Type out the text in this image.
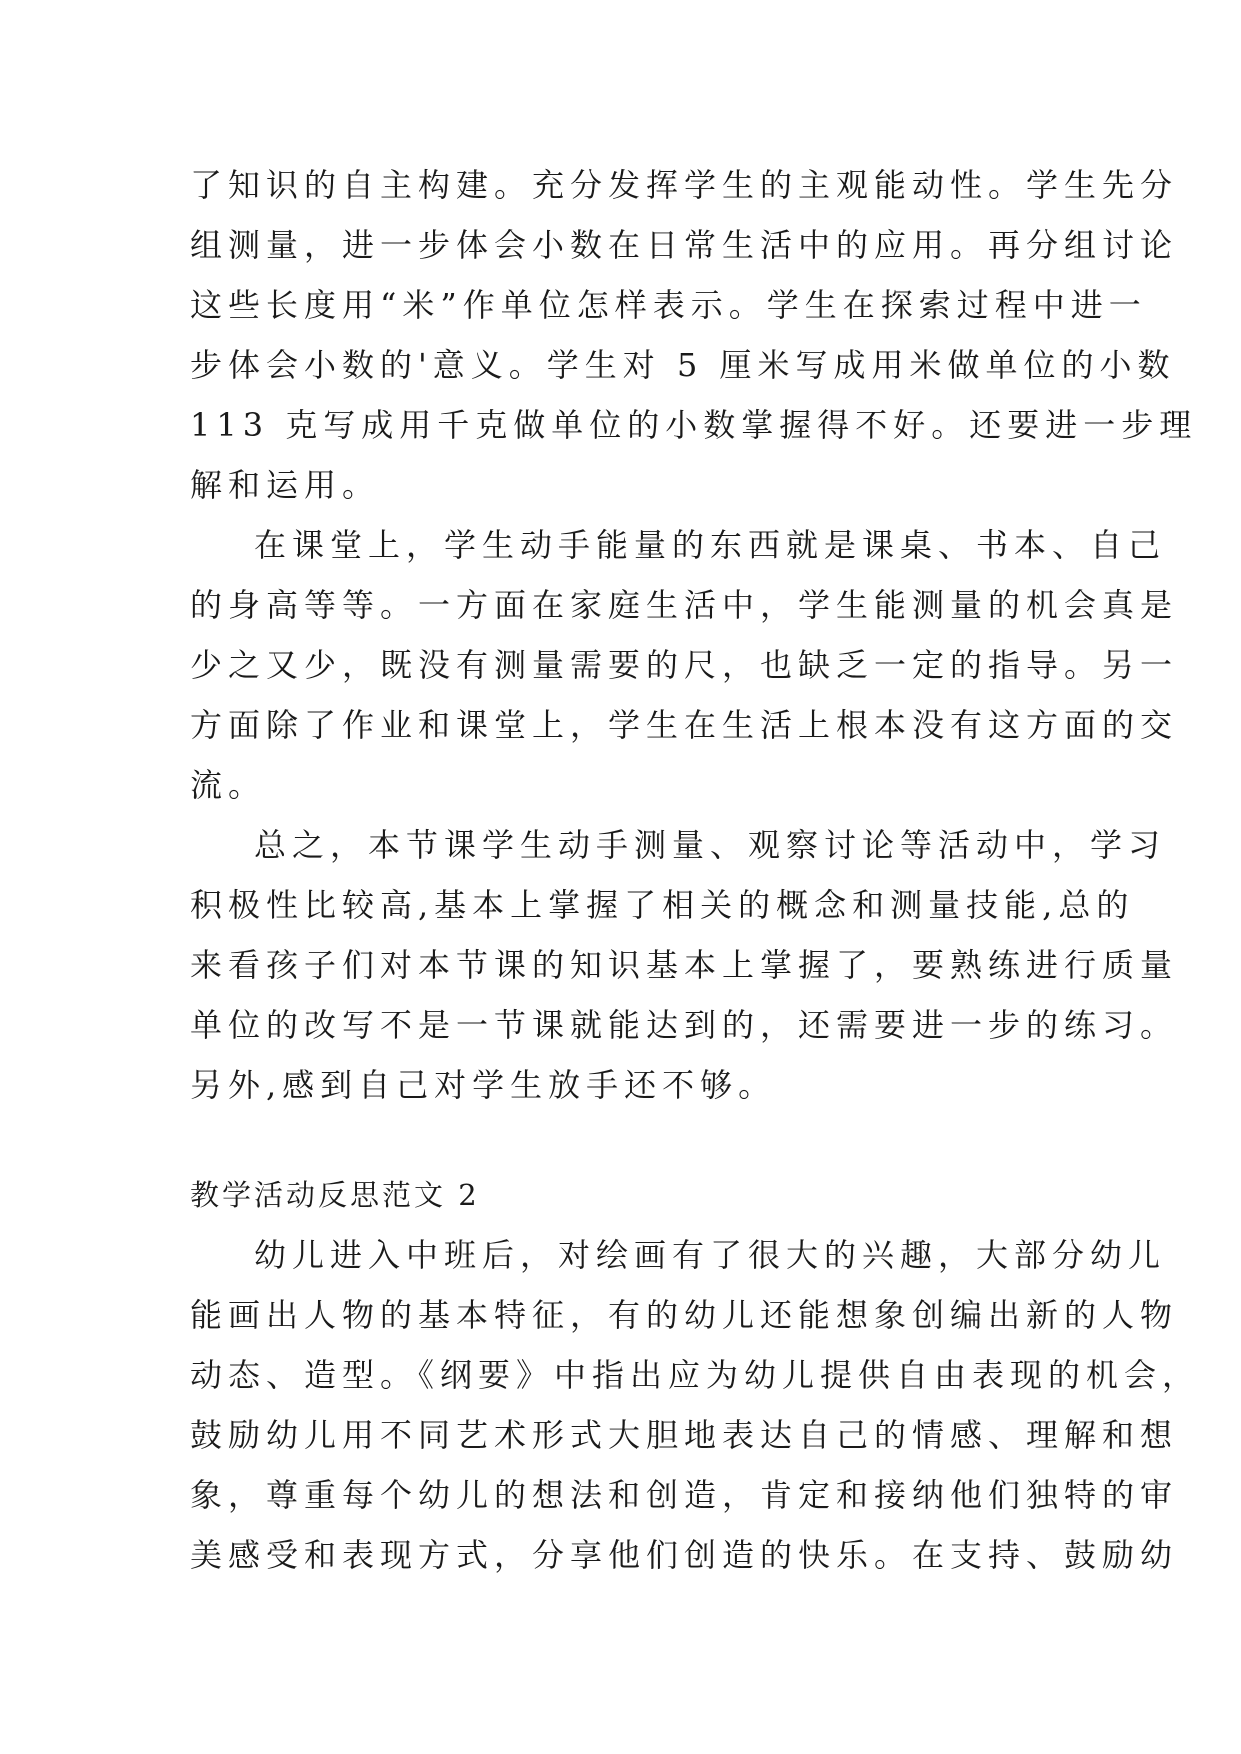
了知识的自主构建。充分发挥学生的主观能动性。学生先分
组测量，进一步体会小数在日常生活中的应用。再分组讨论
这些长度用“米”作单位怎样表示。学生在探索过程中进一
步体会小数的'意义。学生对 5 厘米写成用米做单位的小数
113 克写成用千克做单位的小数掌握得不好。还要进一步理
解和运用。
在课堂上，学生动手能量的东西就是课桌、书本、自己
的身高等等。一方面在家庭生活中，学生能测量的机会真是
少之又少，既没有测量需要的尺，也缺乏一定的指导。另一
方面除了作业和课堂上，学生在生活上根本没有这方面的交
流。
总之，本节课学生动手测量、观察讨论等活动中，学习
积极性比较高,基本上掌握了相关的概念和测量技能,总的
来看孩子们对本节课的知识基本上掌握了，要熟练进行质量
单位的改写不是一节课就能达到的，还需要进一步的练习。
另外,感到自己对学生放手还不够。
教学活动反思范文 2
幼儿进入中班后，对绘画有了很大的兴趣，大部分幼儿
能画出人物的基本特征，有的幼儿还能想象创编出新的人物
动态、造型。《纲要》中指出应为幼儿提供自由表现的机会，
鼓励幼儿用不同艺术形式大胆地表达自己的情感、理解和想
象，尊重每个幼儿的想法和创造，肯定和接纳他们独特的审
美感受和表现方式，分享他们创造的快乐。在支持、鼓励幼
